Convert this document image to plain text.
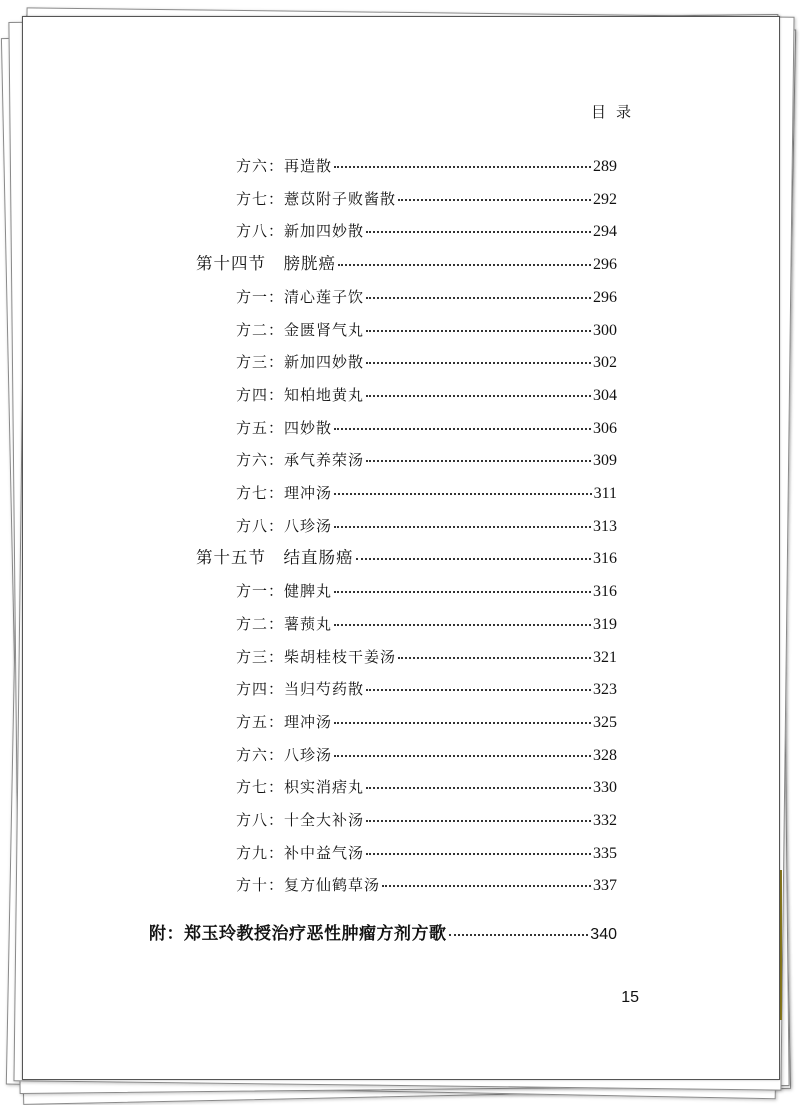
目录
方六：再造散	289
方七：薏苡附子败酱散	292
方八：新加四妙散	294
第十四节　膀胱癌	296
方一：清心莲子饮	296
方二：金匮肾气丸	300
方三：新加四妙散	302
方四：知柏地黄丸	304
方五：四妙散	306
方六：承气养荣汤	309
方七：理冲汤	311
方八：八珍汤	313
第十五节　结直肠癌	316
方一：健脾丸	316
方二：薯蓣丸	319
方三：柴胡桂枝干姜汤	321
方四：当归芍药散	323
方五：理冲汤	325
方六：八珍汤	328
方七：枳实消痞丸	330
方八：十全大补汤	332
方九：补中益气汤	335
方十：复方仙鹤草汤	337
附：郑玉玲教授治疗恶性肿瘤方剂方歌	340
15
